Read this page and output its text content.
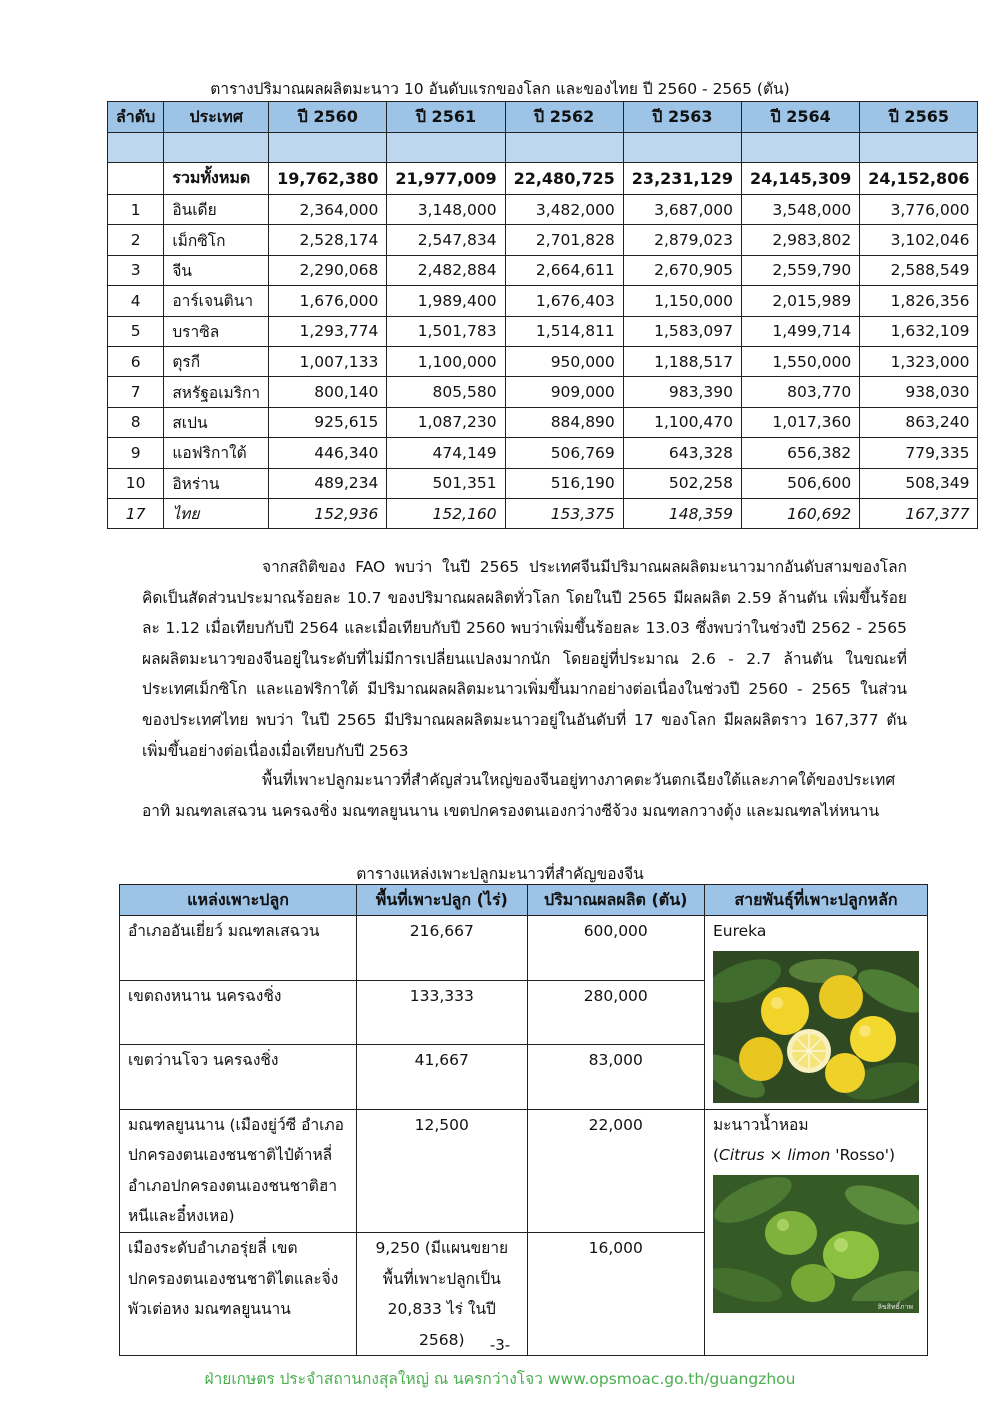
ตารางปริมาณผลผลิตมะนาว 10 อันดับแรกของโลก และของไทย ปี 2560 - 2565 (ตัน)
ลำดับ	ประเทศ	ปี 2560	ปี 2561	ปี 2562	ปี 2563	ปี 2564	ปี 2565

	รวมทั้งหมด	19,762,380	21,977,009	22,480,725	23,231,129	24,145,309	24,152,806
1	อินเดีย	2,364,000	3,148,000	3,482,000	3,687,000	3,548,000	3,776,000
2	เม็กซิโก	2,528,174	2,547,834	2,701,828	2,879,023	2,983,802	3,102,046
3	จีน	2,290,068	2,482,884	2,664,611	2,670,905	2,559,790	2,588,549
4	อาร์เจนตินา	1,676,000	1,989,400	1,676,403	1,150,000	2,015,989	1,826,356
5	บราซิล	1,293,774	1,501,783	1,514,811	1,583,097	1,499,714	1,632,109
6	ตุรกี	1,007,133	1,100,000	950,000	1,188,517	1,550,000	1,323,000
7	สหรัฐอเมริกา	800,140	805,580	909,000	983,390	803,770	938,030
8	สเปน	925,615	1,087,230	884,890	1,100,470	1,017,360	863,240
9	แอฟริกาใต้	446,340	474,149	506,769	643,328	656,382	779,335
10	อิหร่าน	489,234	501,351	516,190	502,258	506,600	508,349
17	ไทย	152,936	152,160	153,375	148,359	160,692	167,377

จากสถิติของ FAO พบว่า ในปี 2565 ประเทศจีนมีปริมาณผลผลิตมะนาวมากอันดับสามของโลก คิดเป็นสัดส่วนประมาณร้อยละ 10.7 ของปริมาณผลผลิตทั่วโลก โดยในปี 2565 มีผลผลิต 2.59 ล้านตัน เพิ่มขึ้นร้อยละ 1.12 เมื่อเทียบกับปี 2564 และเมื่อเทียบกับปี 2560 พบว่าเพิ่มขึ้นร้อยละ 13.03 ซึ่งพบว่าในช่วงปี 2562 - 2565 ผลผลิตมะนาวของจีนอยู่ในระดับที่ไม่มีการเปลี่ยนแปลงมากนัก โดยอยู่ที่ประมาณ 2.6 - 2.7 ล้านตัน ในขณะที่ประเทศเม็กซิโก และแอฟริกาใต้ มีปริมาณผลผลิตมะนาวเพิ่มขึ้นมากอย่างต่อเนื่องในช่วงปี 2560 - 2565 ในส่วนของประเทศไทย พบว่า ในปี 2565 มีปริมาณผลผลิตมะนาวอยู่ในอันดับที่ 17 ของโลก มีผลผลิตราว 167,377 ตัน เพิ่มขึ้นอย่างต่อเนื่องเมื่อเทียบกับปี 2563

พื้นที่เพาะปลูกมะนาวที่สำคัญส่วนใหญ่ของจีนอยู่ทางภาคตะวันตกเฉียงใต้และภาคใต้ของประเทศ อาทิ มณฑลเสฉวน นครฉงชิ่ง มณฑลยูนนาน เขตปกครองตนเองกว่างซีจ้วง มณฑลกวางตุ้ง และมณฑลไห่หนาน

ตารางแหล่งเพาะปลูกมะนาวที่สำคัญของจีน
แหล่งเพาะปลูก	พื้นที่เพาะปลูก (ไร่)	ปริมาณผลผลิต (ตัน)	สายพันธุ์ที่เพาะปลูกหลัก
อำเภออันเยี่ยว์ มณฑลเสฉวน	216,667	600,000	Eureka

เขตถงหนาน นครฉงชิ่ง	133,333	280,000	
เขตว่านโจว นครฉงชิ่ง	41,667	83,000	
มณฑลยูนนาน (เมืองยู่ว์ซี อำเภอปกครองตนเองชนชาติไป๋ต้าหลี่ อำเภอปกครองตนเองชนชาติฮาหนีและอี๋หงเหอ)	12,500	22,000	มะนาวน้ำหอม
(Citrus × limon 'Rosso')
ลิขสิทธิ์ภาพ

เมืองระดับอำเภอรุ่ยลี่ เขตปกครองตนเองชนชาติไตและจิ่งพัวเต่อหง มณฑลยูนนาน	9,250 (มีแผนขยายพื้นที่เพาะปลูกเป็น 20,833 ไร่ ในปี 2568)	16,000	
-3-
ฝ่ายเกษตร ประจำสถานกงสุลใหญ่ ณ นครกว่างโจว www.opsmoac.go.th/guangzhou
